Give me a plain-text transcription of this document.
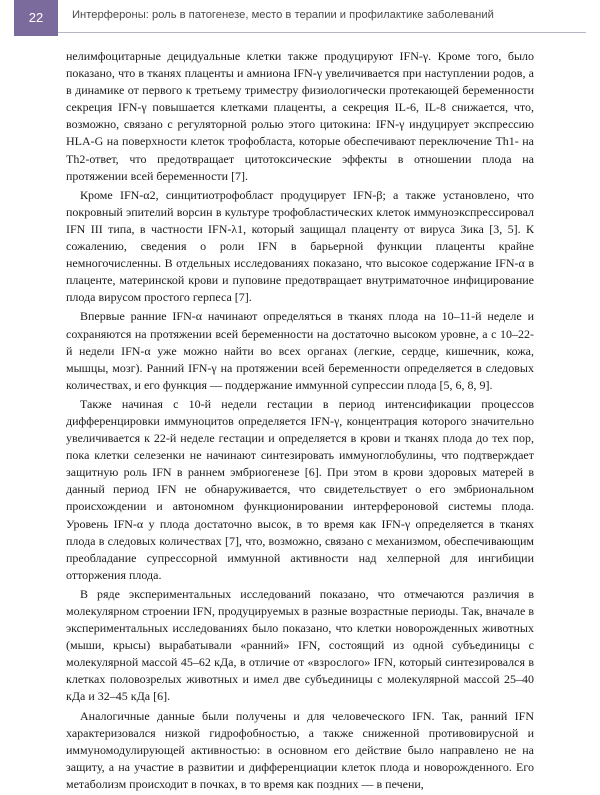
22	Интерфероны: роль в патогенезе, место в терапии и профилактике заболеваний

нелимфоцитарные децидуальные клетки также продуцируют IFN-γ. Кроме того, было показано, что в тканях плаценты и амниона IFN-γ увеличивается при наступлении родов, а в динамике от первого к третьему триместру физиологически протекающей беременности секреция IFN-γ повышается клетками плаценты, а секреция IL-6, IL-8 снижается, что, возможно, связано с регуляторной ролью этого цитокина: IFN-γ индуцирует экспрессию HLA-G на поверхности клеток трофобласта, которые обеспечивают переключение Th1- на Th2-ответ, что предотвращает цитотоксические эффекты в отношении плода на протяжении всей беременности [7].

Кроме IFN-α2, синцитиотрофобласт продуцирует IFN-β; а также установлено, что покровный эпителий ворсин в культуре трофобластических клеток иммуноэкспрессировал IFN III типа, в частности IFN-λ1, который защищал плаценту от вируса Зика [3, 5]. К сожалению, сведения о роли IFN в барьерной функции плаценты крайне немногочисленны. В отдельных исследованиях показано, что высокое содержание IFN-α в плаценте, материнской крови и пуповине предотвращает внутриматочное инфицирование плода вирусом простого герпеса [7].

Впервые ранние IFN-α начинают определяться в тканях плода на 10–11-й неделе и сохраняются на протяжении всей беременности на достаточно высоком уровне, а с 10–22-й недели IFN-α уже можно найти во всех органах (легкие, сердце, кишечник, кожа, мышцы, мозг). Ранний IFN-γ на протяжении всей беременности определяется в следовых количествах, и его функция — поддержание иммунной супрессии плода [5, 6, 8, 9].

Также начиная с 10-й недели гестации в период интенсификации процессов дифференцировки иммуноцитов определяется IFN-γ, концентрация которого значительно увеличивается к 22-й неделе гестации и определяется в крови и тканях плода до тех пор, пока клетки селезенки не начинают синтезировать иммуноглобулины, что подтверждает защитную роль IFN в раннем эмбриогенезе [6]. При этом в крови здоровых матерей в данный период IFN не обнаруживается, что свидетельствует о его эмбриональном происхождении и автономном функционировании интерфероновой системы плода. Уровень IFN-α у плода достаточно высок, в то время как IFN-γ определяется в тканях плода в следовых количествах [7], что, возможно, связано с механизмом, обеспечивающим преобладание супрессорной иммунной активности над хелперной для ингибиции отторжения плода.

В ряде экспериментальных исследований показано, что отмечаются различия в молекулярном строении IFN, продуцируемых в разные возрастные периоды. Так, вначале в экспериментальных исследованиях было показано, что клетки новорожденных животных (мыши, крысы) вырабатывали «ранний» IFN, состоящий из одной субъединицы с молекулярной массой 45–62 кДа, в отличие от «взрослого» IFN, который синтезировался в клетках половозрелых животных и имел две субъединицы с молекулярной массой 25–40 кДа и 32–45 кДа [6].

Аналогичные данные были получены и для человеческого IFN. Так, ранний IFN характеризовался низкой гидрофобностью, а также сниженной противовирусной и иммуномодулирующей активностью: в основном его действие было направлено не на защиту, а на участие в развитии и дифференциации клеток плода и новорожденного. Его метаболизм происходит в почках, в то время как поздних — в печени,
